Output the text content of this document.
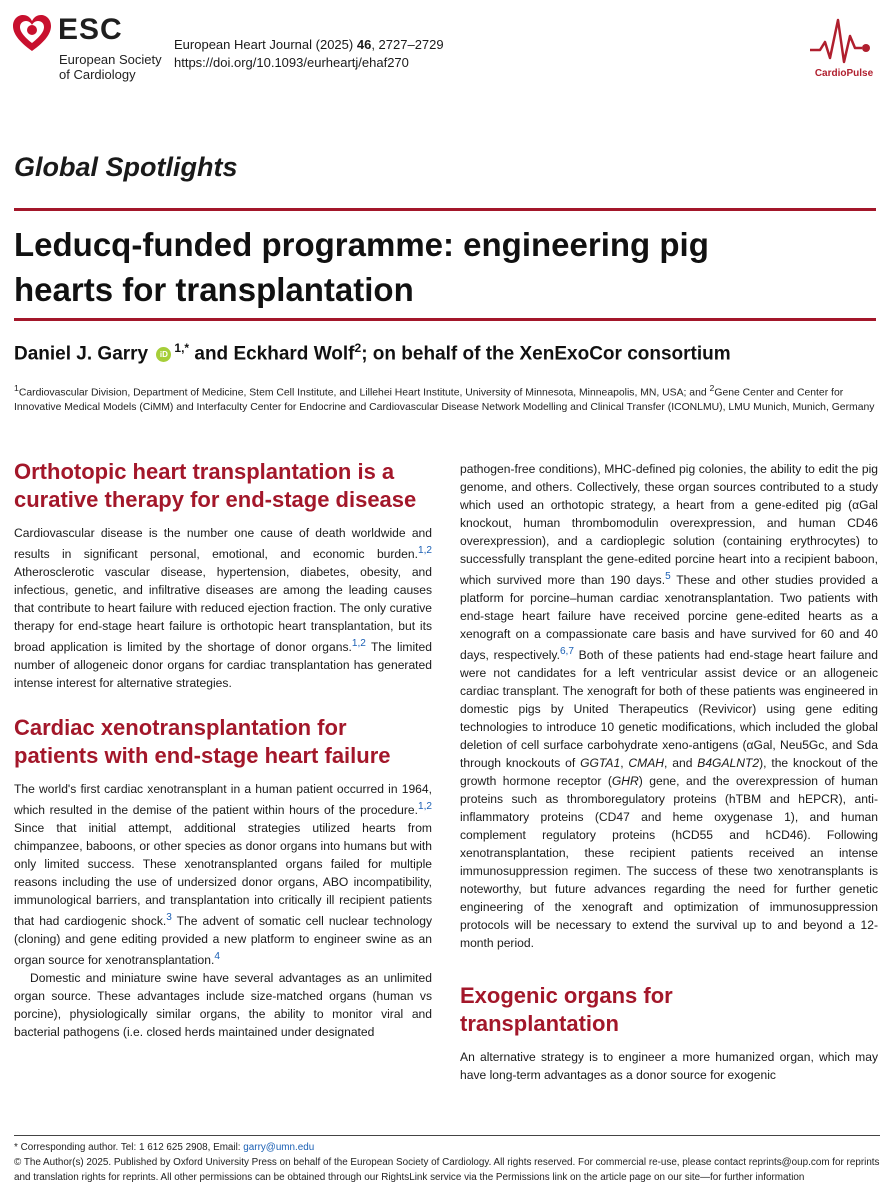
ESC
European Society
of Cardiology
European Heart Journal (2025) 46, 2727–2729
https://doi.org/10.1093/eurheartj/ehaf270
CardioPulse
Global Spotlights
Leducq-funded programme: engineering pig
hearts for transplantation
Daniel J. Garry iD $^{1,*}$ and Eckhard Wolf$^2$; on behalf of the XenExoCor consortium
$^1$Cardiovascular Division, Department of Medicine, Stem Cell Institute, and Lillehei Heart Institute, University of Minnesota, Minneapolis, MN, USA; and $^2$Gene Center and Center for Innovative Medical Models (CiMM) and Interfaculty Center for Endocrine and Cardiovascular Disease Network Modelling and Clinical Transfer (ICONLMU), LMU Munich, Munich, Germany
Orthotopic heart transplantation is a curative therapy for end-stage disease

Cardiovascular disease is the number one cause of death worldwide and results in significant personal, emotional, and economic burden.$^{1,2}$ Atherosclerotic vascular disease, hypertension, diabetes, obesity, and infectious, genetic, and infiltrative diseases are among the leading causes that contribute to heart failure with reduced ejection fraction. The only curative therapy for end-stage heart failure is orthotopic heart transplantation, but its broad application is limited by the shortage of donor organs.$^{1,2}$ The limited number of allogeneic donor organs for cardiac transplantation has generated intense interest for alternative strategies.

Cardiac xenotransplantation for patients with end-stage heart failure

The world's first cardiac xenotransplant in a human patient occurred in 1964, which resulted in the demise of the patient within hours of the procedure.$^{1,2}$ Since that initial attempt, additional strategies utilized hearts from chimpanzee, baboons, or other species as donor organs into humans but with only limited success. These xenotransplanted organs failed for multiple reasons including the use of undersized donor organs, ABO incompatibility, immunological barriers, and transplantation into critically ill recipient patients that had cardiogenic shock.$^3$ The advent of somatic cell nuclear technology (cloning) and gene editing provided a new platform to engineer swine as an organ source for xenotransplantation.$^4$

Domestic and miniature swine have several advantages as an unlimited organ source. These advantages include size-matched organs (human vs porcine), physiologically similar organs, the ability to monitor viral and bacterial pathogens (i.e. closed herds maintained under designated

pathogen-free conditions), MHC-defined pig colonies, the ability to edit the pig genome, and others. Collectively, these organ sources contributed to a study which used an orthotopic strategy, a heart from a gene-edited pig (αGal knockout, human thrombomodulin overexpression, and human CD46 overexpression), and a cardioplegic solution (containing erythrocytes) to successfully transplant the gene-edited porcine heart into a recipient baboon, which survived more than 190 days.$^5$ These and other studies provided a platform for porcine–human cardiac xenotransplantation. Two patients with end-stage heart failure have received porcine gene-edited hearts as a xenograft on a compassionate care basis and have survived for 60 and 40 days, respectively.$^{6,7}$ Both of these patients had end-stage heart failure and were not candidates for a left ventricular assist device or an allogeneic cardiac transplant. The xenograft for both of these patients was engineered in domestic pigs by United Therapeutics (Revivicor) using gene editing technologies to introduce 10 genetic modifications, which included the global deletion of cell surface carbohydrate xeno-antigens (αGal, Neu5Gc, and Sda through knockouts of GGTA1, CMAH, and B4GALNT2), the knockout of the growth hormone receptor (GHR) gene, and the overexpression of human proteins such as thromboregulatory proteins (hTBM and hEPCR), anti-inflammatory proteins (CD47 and heme oxygenase 1), and human complement regulatory proteins (hCD55 and hCD46). Following xenotransplantation, these recipient patients received an intense immunosuppression regimen. The success of these two xenotransplants is noteworthy, but future advances regarding the need for further genetic engineering of the xenograft and optimization of immunosuppression protocols will be necessary to extend the survival up to and beyond a 12-month period.

Exogenic organs for transplantation

An alternative strategy is to engineer a more humanized organ, which may have long-term advantages as a donor source for exogenic

* Corresponding author. Tel: 1 612 625 2908, Email: garry@umn.edu
© The Author(s) 2025. Published by Oxford University Press on behalf of the European Society of Cardiology. All rights reserved. For commercial re-use, please contact reprints@oup.com for reprints and translation rights for reprints. All other permissions can be obtained through our RightsLink service via the Permissions link on the article page on our site—for further information
